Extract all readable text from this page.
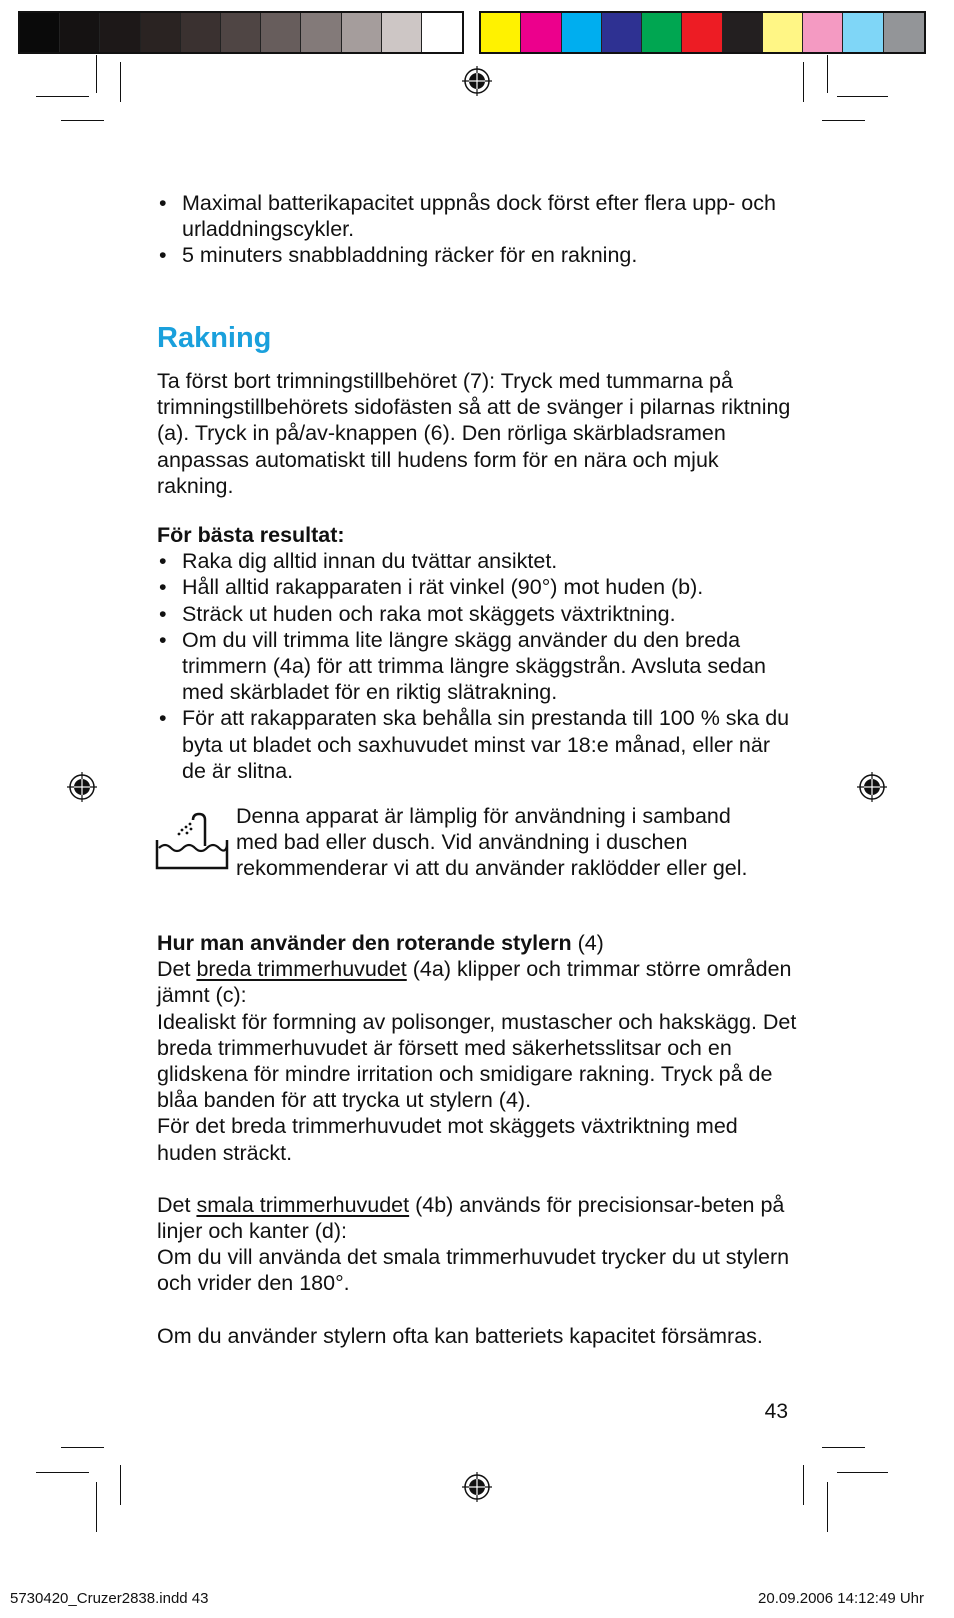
• Maximal batterikapacitet uppnås dock först efter flera upp- och urladdningscykler.
• 5 minuters snabbladdning räcker för en rakning.
Rakning

Ta först bort trimningstillbehöret (7): Tryck med tummarna på trimningstillbehörets sidofästen så att de svänger i pilarnas riktning (a). Tryck in på/av-knappen (6). Den rörliga skärbladsramen anpassas automatiskt till hudens form för en nära och mjuk rakning.

För bästa resultat:

• Raka dig alltid innan du tvättar ansiktet.
• Håll alltid rakapparaten i rät vinkel (90°) mot huden (b).
• Sträck ut huden och raka mot skäggets växtriktning.
• Om du vill trimma lite längre skägg använder du den breda trimmern (4a) för att trimma längre skäggstrån. Avsluta sedan med skärbladet för en riktig slätrakning.
• För att rakapparaten ska behålla sin prestanda till 100 % ska du byta ut bladet och saxhuvudet minst var 18:e månad, eller när de är slitna.

Denna apparat är lämplig för användning i samband med bad eller dusch. Vid användning i duschen rekommenderar vi att du använder raklödder eller gel.

Hur man använder den roterande stylern (4)

Det breda trimmerhuvudet (4a) klipper och trimmar större områden jämnt (c):

Idealiskt för formning av polisonger, mustascher och hakskägg. Det breda trimmerhuvudet är försett med säkerhetsslitsar och en glidskena för mindre irritation och smidigare rakning. Tryck på de blåa banden för att trycka ut stylern (4).

För det breda trimmerhuvudet mot skäggets växtriktning med huden sträckt.

Det smala trimmerhuvudet (4b) används för precisionsar-beten på linjer och kanter (d):

Om du vill använda det smala trimmerhuvudet trycker du ut stylern och vrider den 180°.

Om du använder stylern ofta kan batteriets kapacitet försämras.

43
5730420_Cruzer2838.indd 43	20.09.2006 14:12:49 Uhr
